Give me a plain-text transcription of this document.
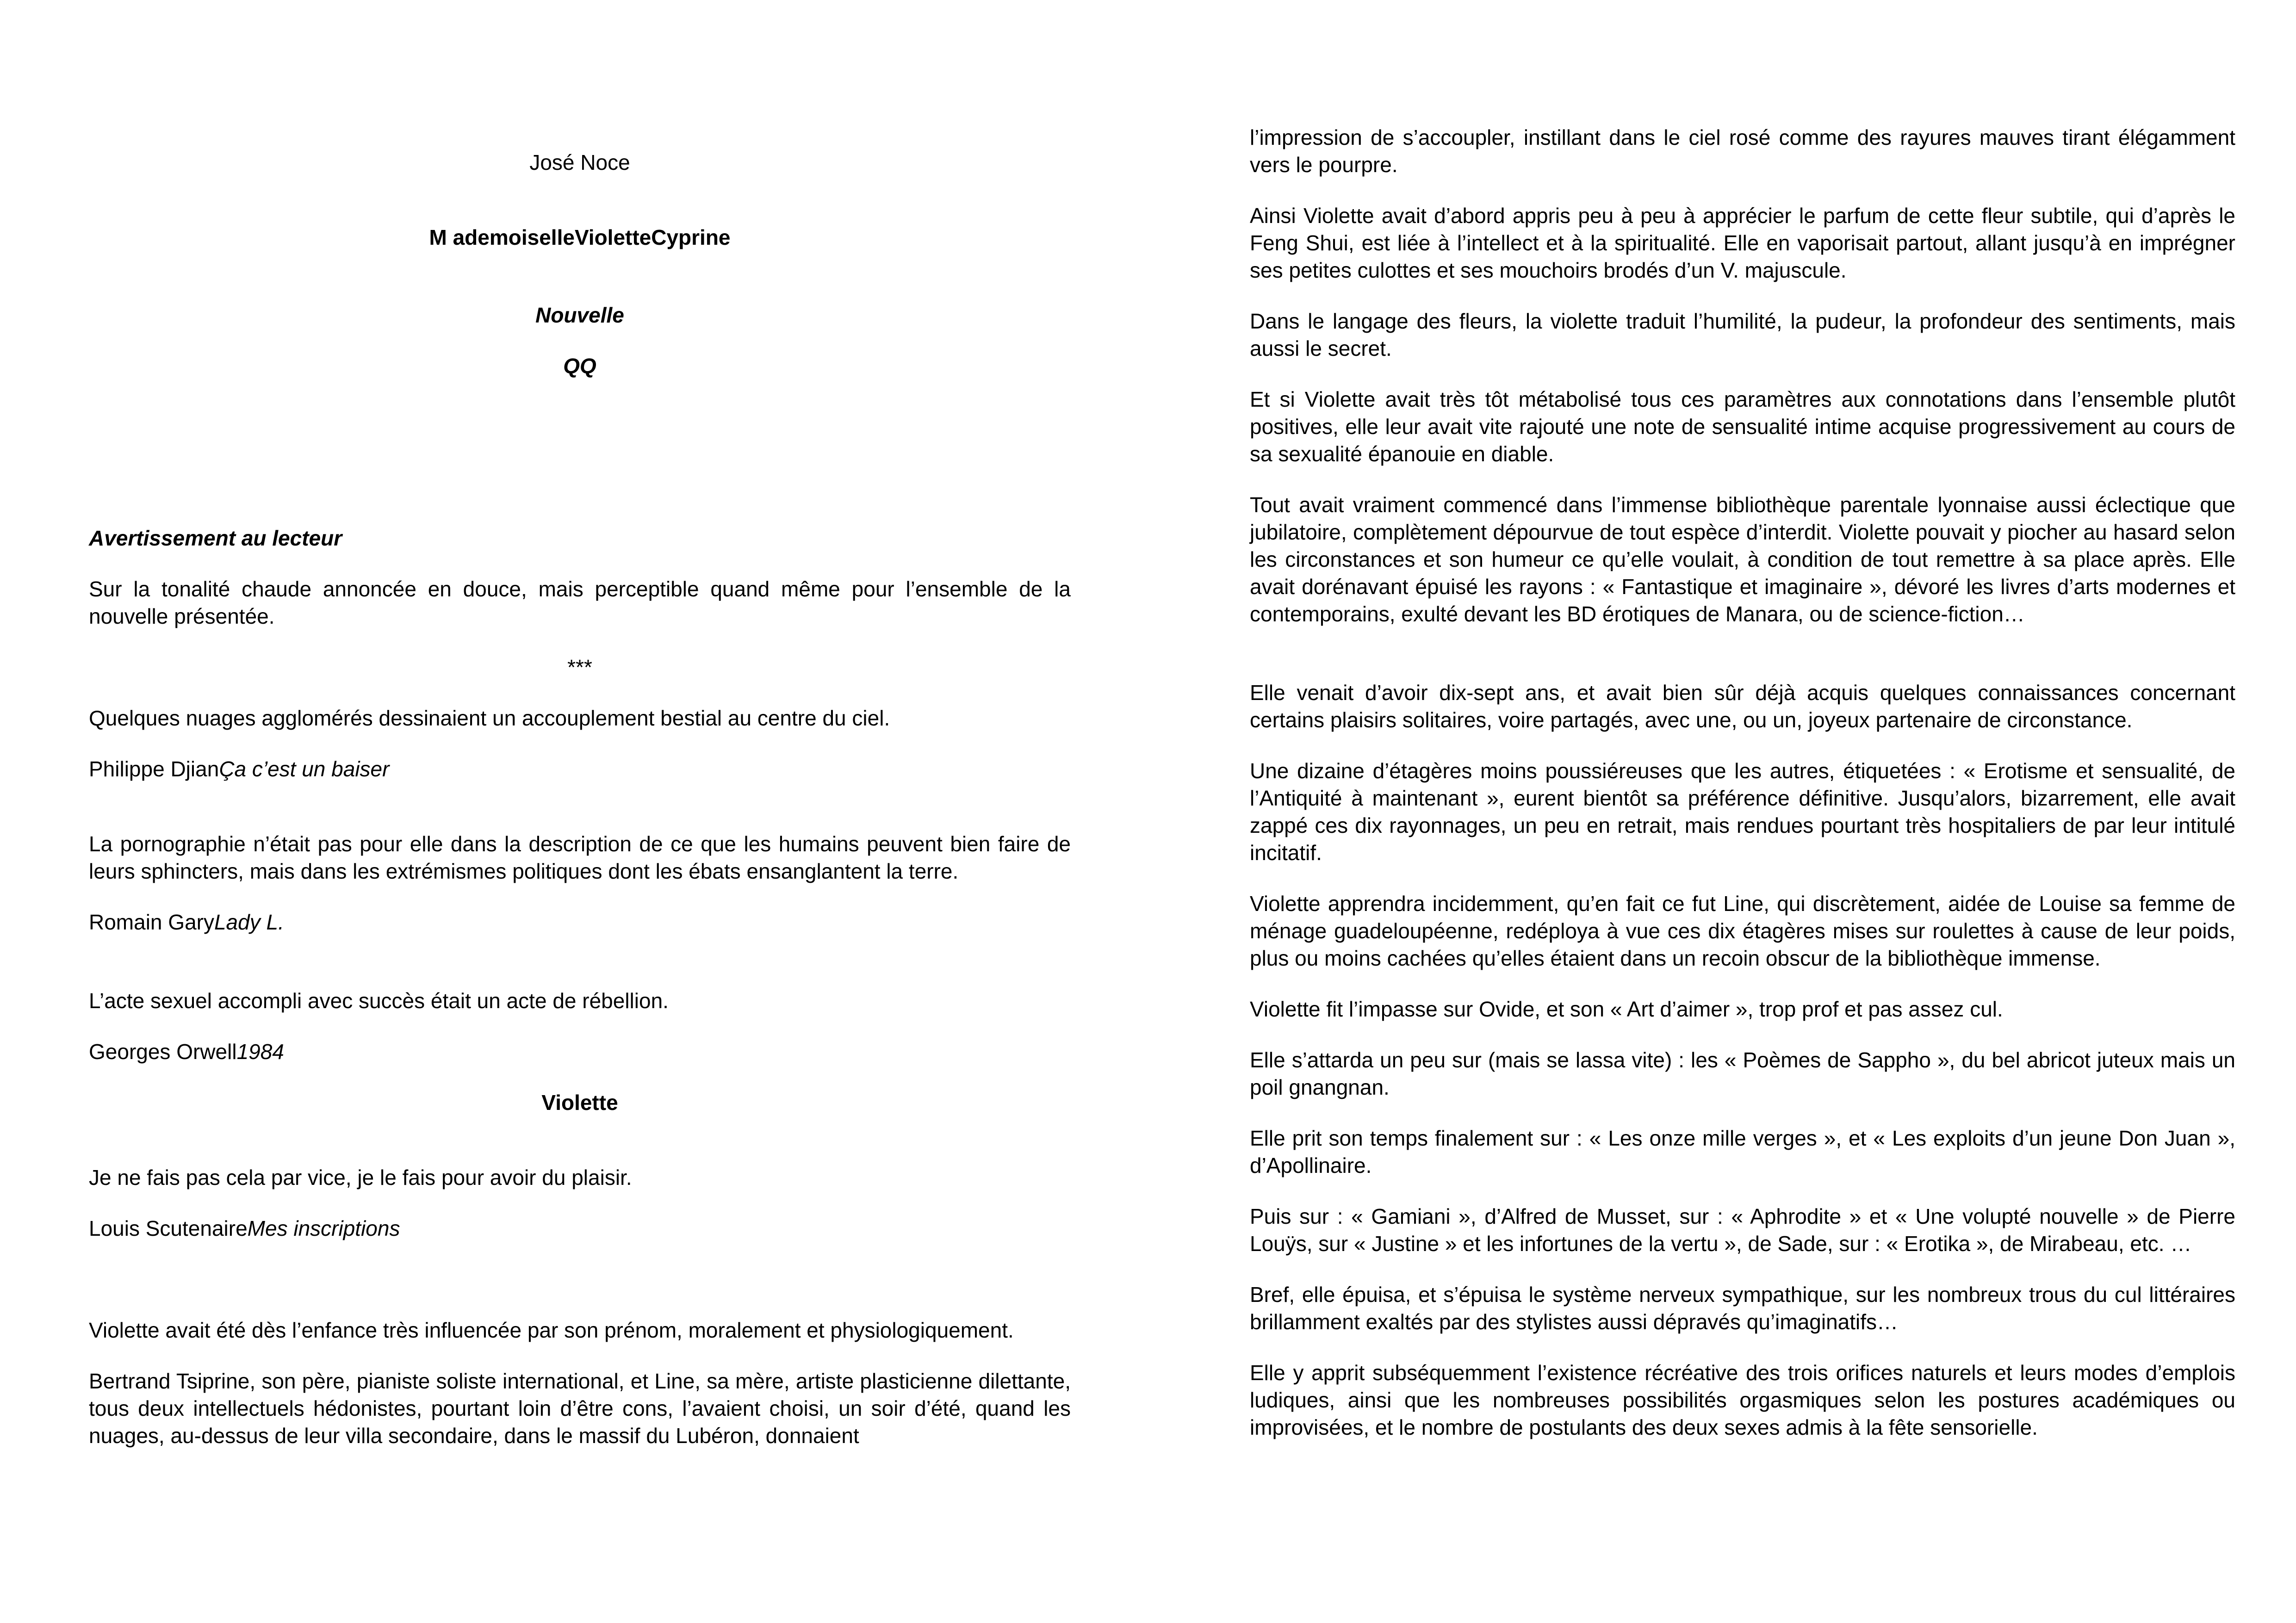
José Noce

M ademoiselleVioletteCyprine

Nouvelle

QQ

Avertissement au lecteur

Sur la tonalité chaude annoncée en douce, mais perceptible quand même pour l’ensemble de la nouvelle présentée.

***

Quelques nuages agglomérés dessinaient un accouplement bestial au centre du ciel.

Philippe DjianÇa c’est un baiser

La pornographie n’était pas pour elle dans la description de ce que les humains peuvent bien faire de leurs sphincters, mais dans les extrémismes politiques dont les ébats ensanglantent la terre.

Romain GaryLady L.

L’acte sexuel accompli avec succès était un acte de rébellion.

Georges Orwell1984

Violette

Je ne fais pas cela par vice, je le fais pour avoir du plaisir.

Louis ScutenaireMes inscriptions

Violette avait été dès l’enfance très influencée par son prénom, moralement et physiologiquement.

Bertrand Tsiprine, son père, pianiste soliste international, et Line, sa mère, artiste plasticienne dilettante, tous deux intellectuels hédonistes, pourtant loin d’être cons, l’avaient choisi, un soir d’été, quand les nuages, au-dessus de leur villa secondaire, dans le massif du Lubéron, donnaient

l’impression de s’accoupler, instillant dans le ciel rosé comme des rayures mauves tirant élégamment vers le pourpre.

Ainsi Violette avait d’abord appris peu à peu à apprécier le parfum de cette fleur subtile, qui d’après le Feng Shui, est liée à l’intellect et à la spiritualité. Elle en vaporisait partout, allant jusqu’à en imprégner ses petites culottes et ses mouchoirs brodés d’un V. majuscule.

Dans le langage des fleurs, la violette traduit l’humilité, la pudeur, la profondeur des sentiments, mais aussi le secret.

Et si Violette avait très tôt métabolisé tous ces paramètres aux connotations dans l’ensemble plutôt positives, elle leur avait vite rajouté une note de sensualité intime acquise progressivement au cours de sa sexualité épanouie en diable.

Tout avait vraiment commencé dans l’immense bibliothèque parentale lyonnaise aussi éclectique que jubilatoire, complètement dépourvue de tout espèce d’interdit. Violette pouvait y piocher au hasard selon les circonstances et son humeur ce qu’elle voulait, à condition de tout remettre à sa place après. Elle avait dorénavant épuisé les rayons : « Fantastique et imaginaire », dévoré les livres d’arts modernes et contemporains, exulté devant les BD érotiques de Manara, ou de science-fiction…

Elle venait d’avoir dix-sept ans, et avait bien sûr déjà acquis quelques connaissances concernant certains plaisirs solitaires, voire partagés, avec une, ou un, joyeux partenaire de circonstance.

Une dizaine d’étagères moins poussiéreuses que les autres, étiquetées : « Erotisme et sensualité, de l’Antiquité à maintenant », eurent bientôt sa préférence définitive. Jusqu’alors, bizarrement, elle avait zappé ces dix rayonnages, un peu en retrait, mais rendues pourtant très hospitaliers de par leur intitulé incitatif.

Violette apprendra incidemment, qu’en fait ce fut Line, qui discrètement, aidée de Louise sa femme de ménage guadeloupéenne, redéploya à vue ces dix étagères mises sur roulettes à cause de leur poids, plus ou moins cachées qu’elles étaient dans un recoin obscur de la bibliothèque immense.

Violette fit l’impasse sur Ovide, et son « Art d’aimer », trop prof et pas assez cul.

Elle s’attarda un peu sur (mais se lassa vite) : les « Poèmes de Sappho », du bel abricot juteux mais un poil gnangnan.

Elle prit son temps finalement sur : « Les onze mille verges », et « Les exploits d’un jeune Don Juan », d’Apollinaire.

Puis sur : « Gamiani », d’Alfred de Musset, sur : « Aphrodite » et « Une volupté nouvelle » de Pierre Louÿs, sur « Justine » et les infortunes de la vertu », de Sade, sur : « Erotika », de Mirabeau, etc. …

Bref, elle épuisa, et s’épuisa le système nerveux sympathique, sur les nombreux trous du cul littéraires brillamment exaltés par des stylistes aussi dépravés qu’imaginatifs…

Elle y apprit subséquemment l’existence récréative des trois orifices naturels et leurs modes d’emplois ludiques, ainsi que les nombreuses possibilités orgasmiques selon les postures académiques ou improvisées, et le nombre de postulants des deux sexes admis à la fête sensorielle.
